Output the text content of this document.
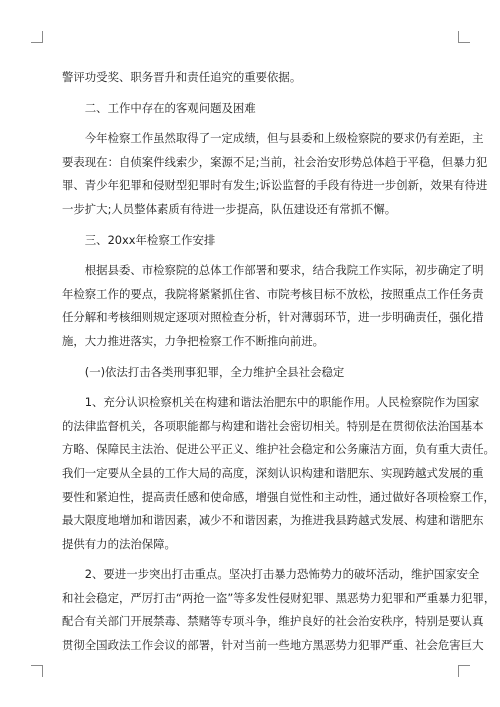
警评功受奖、职务晋升和责任追究的重要依据。
　　二、工作中存在的客观问题及困难
　　今年检察工作虽然取得了一定成绩，但与县委和上级检察院的要求仍有差距，主
要表现在：自侦案件线索少，案源不足;当前，社会治安形势总体趋于平稳，但暴力犯
罪、青少年犯罪和侵财型犯罪时有发生;诉讼监督的手段有待进一步创新，效果有待进
一步扩大;人员整体素质有待进一步提高，队伍建设还有常抓不懈。
　　三、20xx年检察工作安排
　　根据县委、市检察院的总体工作部署和要求，结合我院工作实际，初步确定了明
年检察工作的要点，我院将紧紧抓住省、市院考核目标不放松，按照重点工作任务责
任分解和考核细则规定逐项对照检查分析，针对薄弱环节，进一步明确责任，强化措
施，大力推进落实，力争把检察工作不断推向前进。
　　(一)依法打击各类刑事犯罪，全力维护全县社会稳定
　　1、充分认识检察机关在构建和谐法治肥东中的职能作用。人民检察院作为国家
的法律监督机关，各项职能都与构建和谐社会密切相关。特别是在贯彻依法治国基本
方略、保障民主法治、促进公平正义、维护社会稳定和公务廉洁方面，负有重大责任。
我们一定要从全县的工作大局的高度，深刻认识构建和谐肥东、实现跨越式发展的重
要性和紧迫性，提高责任感和使命感，增强自觉性和主动性，通过做好各项检察工作，
最大限度地增加和谐因素，减少不和谐因素，为推进我县跨越式发展、构建和谐肥东
提供有力的法治保障。
　　2、要进一步突出打击重点。坚决打击暴力恐怖势力的破坏活动，维护国家安全
和社会稳定，严厉打击“两抢一盗”等多发性侵财犯罪、黑恶势力犯罪和严重暴力犯罪，
配合有关部门开展禁毒、禁赌等专项斗争，维护良好的社会治安秩序，特别是要认真
贯彻全国政法工作会议的部署，针对当前一些地方黑恶势力犯罪严重、社会危害巨大
